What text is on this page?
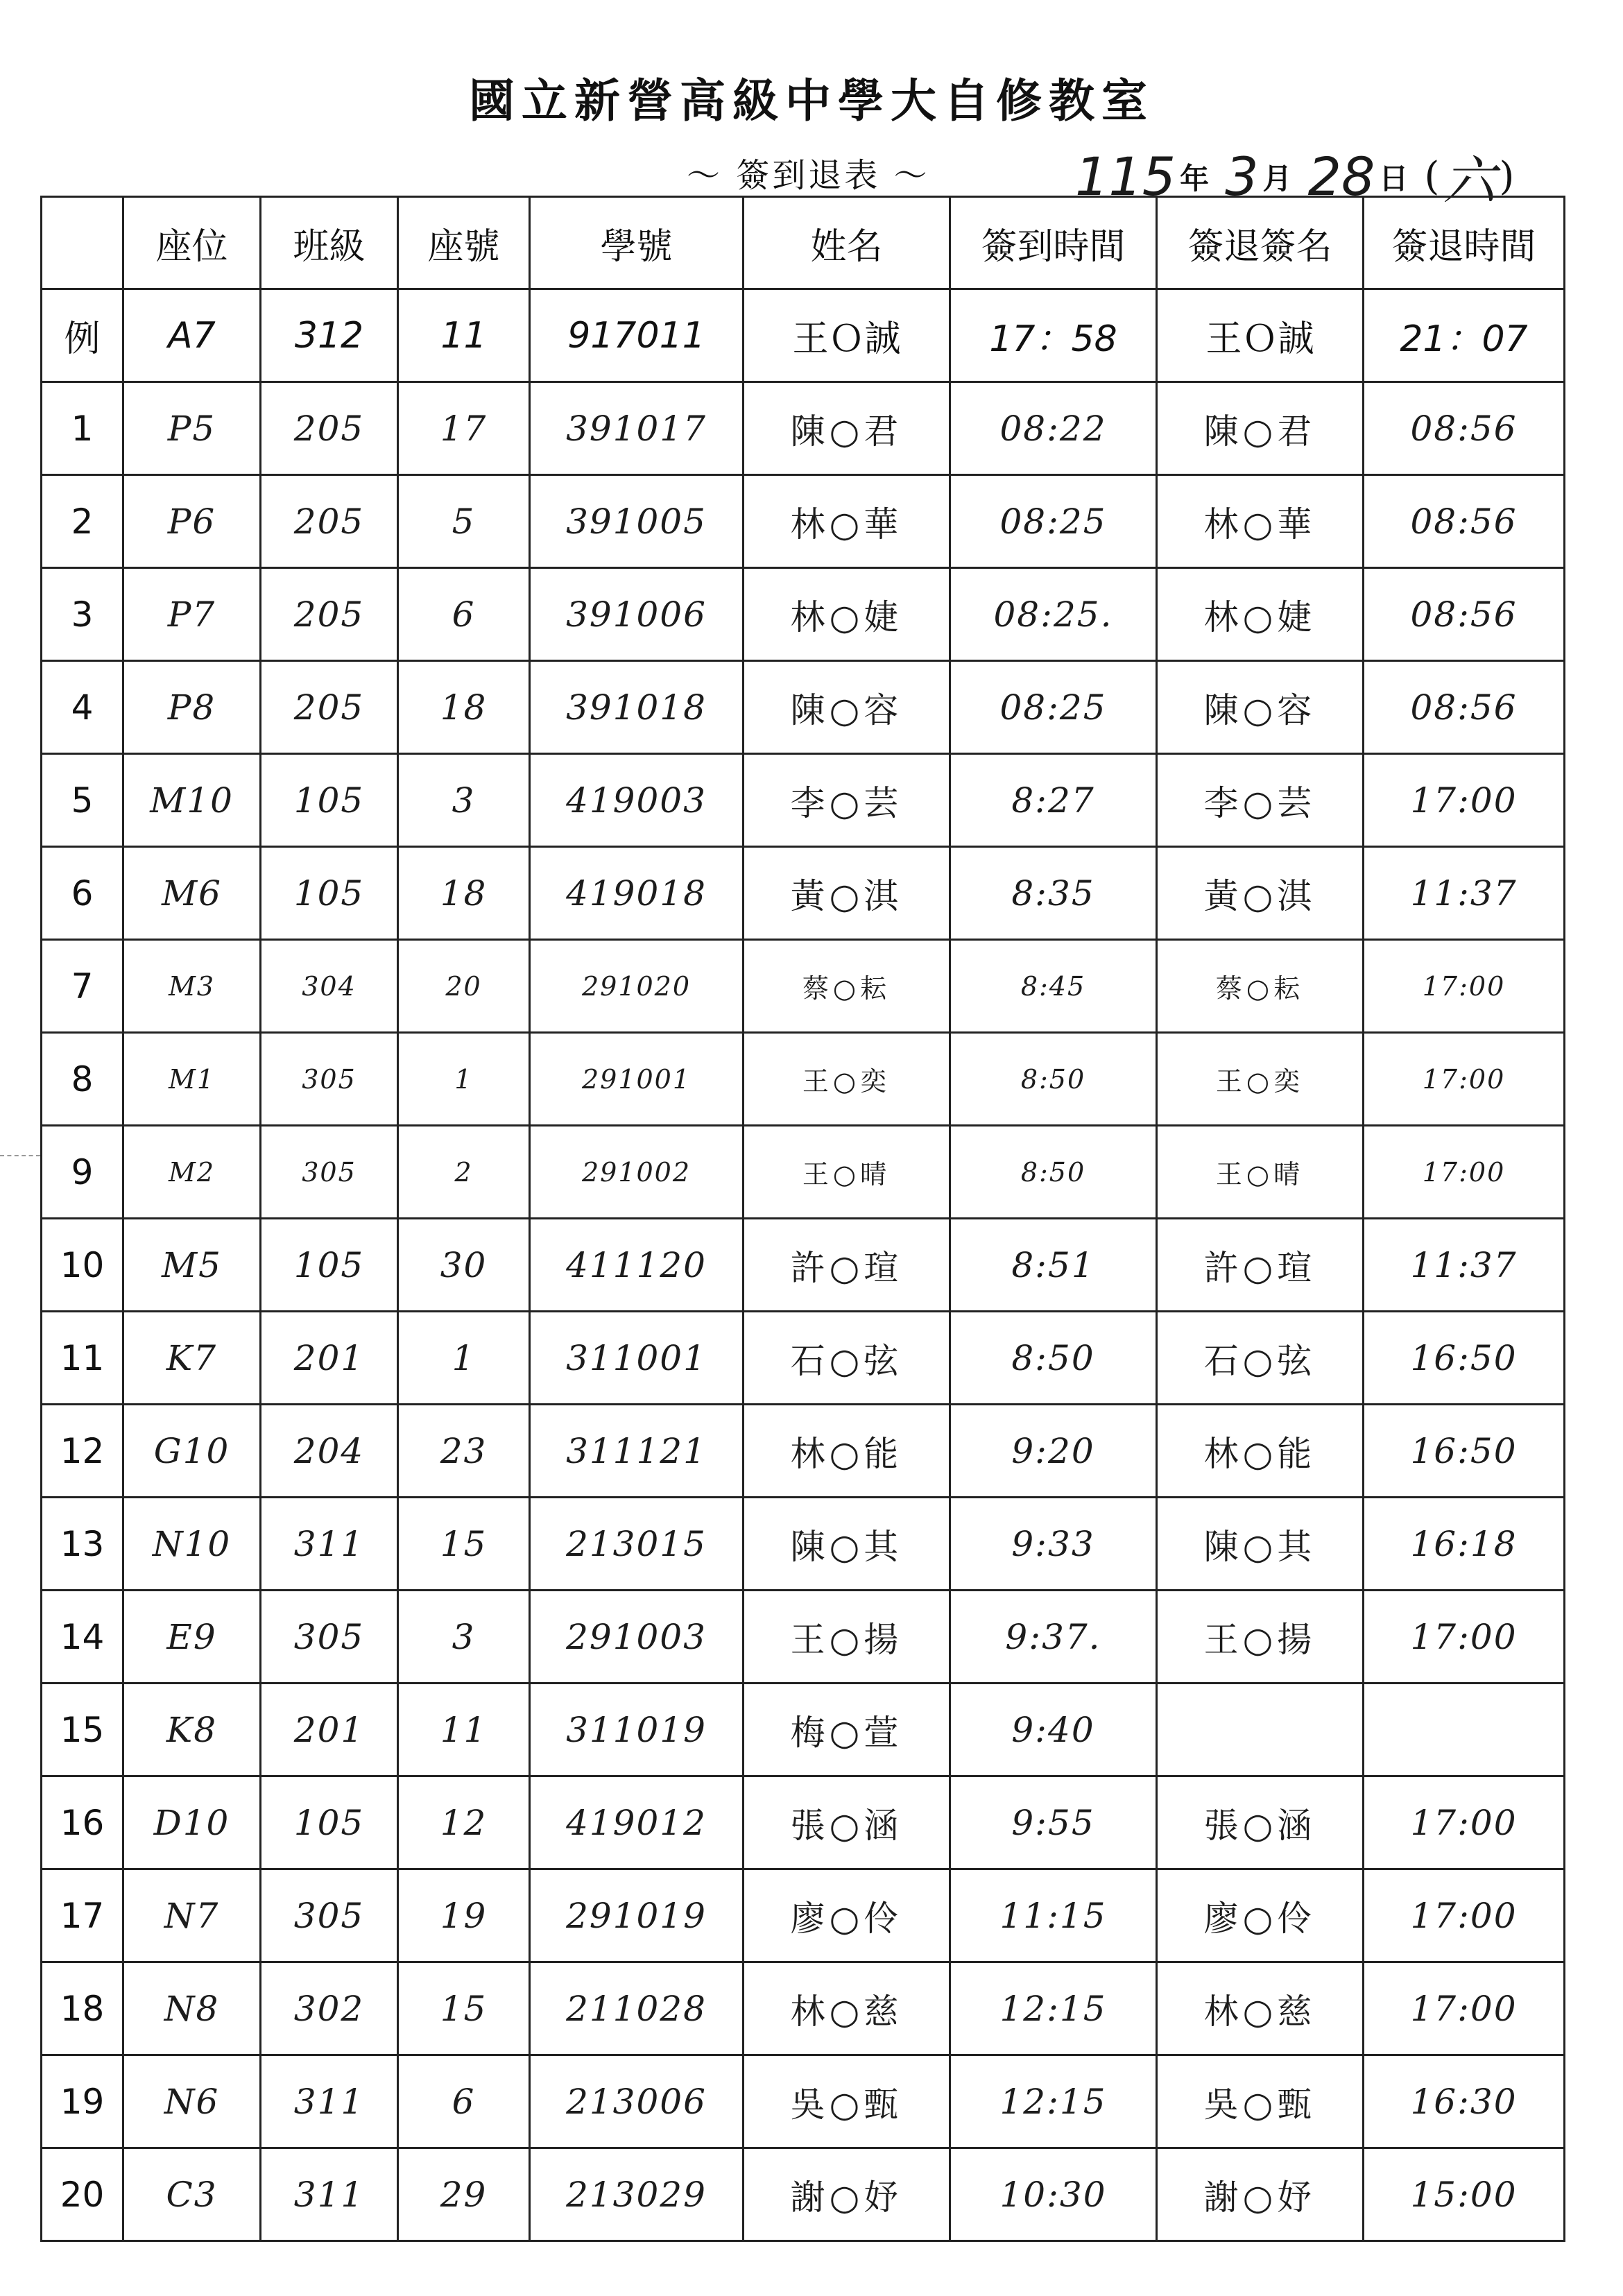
國立新營高級中學大自修教室
～ 簽到退表 ～	115 年 3 月 28 日 ( 六 )
	座位	班級	座號	學號	姓名	簽到時間	簽退簽名	簽退時間
例	A7	312	11	917011	王Ｏ誠	17：58	王Ｏ誠	21：07
1	P5	205	17	391017	陳○君	08:22	陳○君	08:56
2	P6	205	5	391005	林○華	08:25	林○華	08:56
3	P7	205	6	391006	林○婕	08:25.	林○婕	08:56
4	P8	205	18	391018	陳○容	08:25	陳○容	08:56
5	M10	105	3	419003	李○芸	8:27	李○芸	17:00
6	M6	105	18	419018	黃○淇	8:35	黃○淇	11:37
7	M3	304	20	291020	蔡○耘	8:45	蔡○耘	17:00
8	M1	305	1	291001	王○奕	8:50	王○奕	17:00
9	M2	305	2	291002	王○晴	8:50	王○晴	17:00
10	M5	105	30	411120	許○瑄	8:51	許○瑄	11:37
11	K7	201	1	311001	石○弦	8:50	石○弦	16:50
12	G10	204	23	311121	林○能	9:20	林○能	16:50
13	N10	311	15	213015	陳○其	9:33	陳○其	16:18
14	E9	305	3	291003	王○揚	9:37.	王○揚	17:00
15	K8	201	11	311019	梅○萱	9:40		
16	D10	105	12	419012	張○涵	9:55	張○涵	17:00
17	N7	305	19	291019	廖○伶	11:15	廖○伶	17:00
18	N8	302	15	211028	林○慈	12:15	林○慈	17:00
19	N6	311	6	213006	吳○甄	12:15	吳○甄	16:30
20	C3	311	29	213029	謝○妤	10:30	謝○妤	15:00
